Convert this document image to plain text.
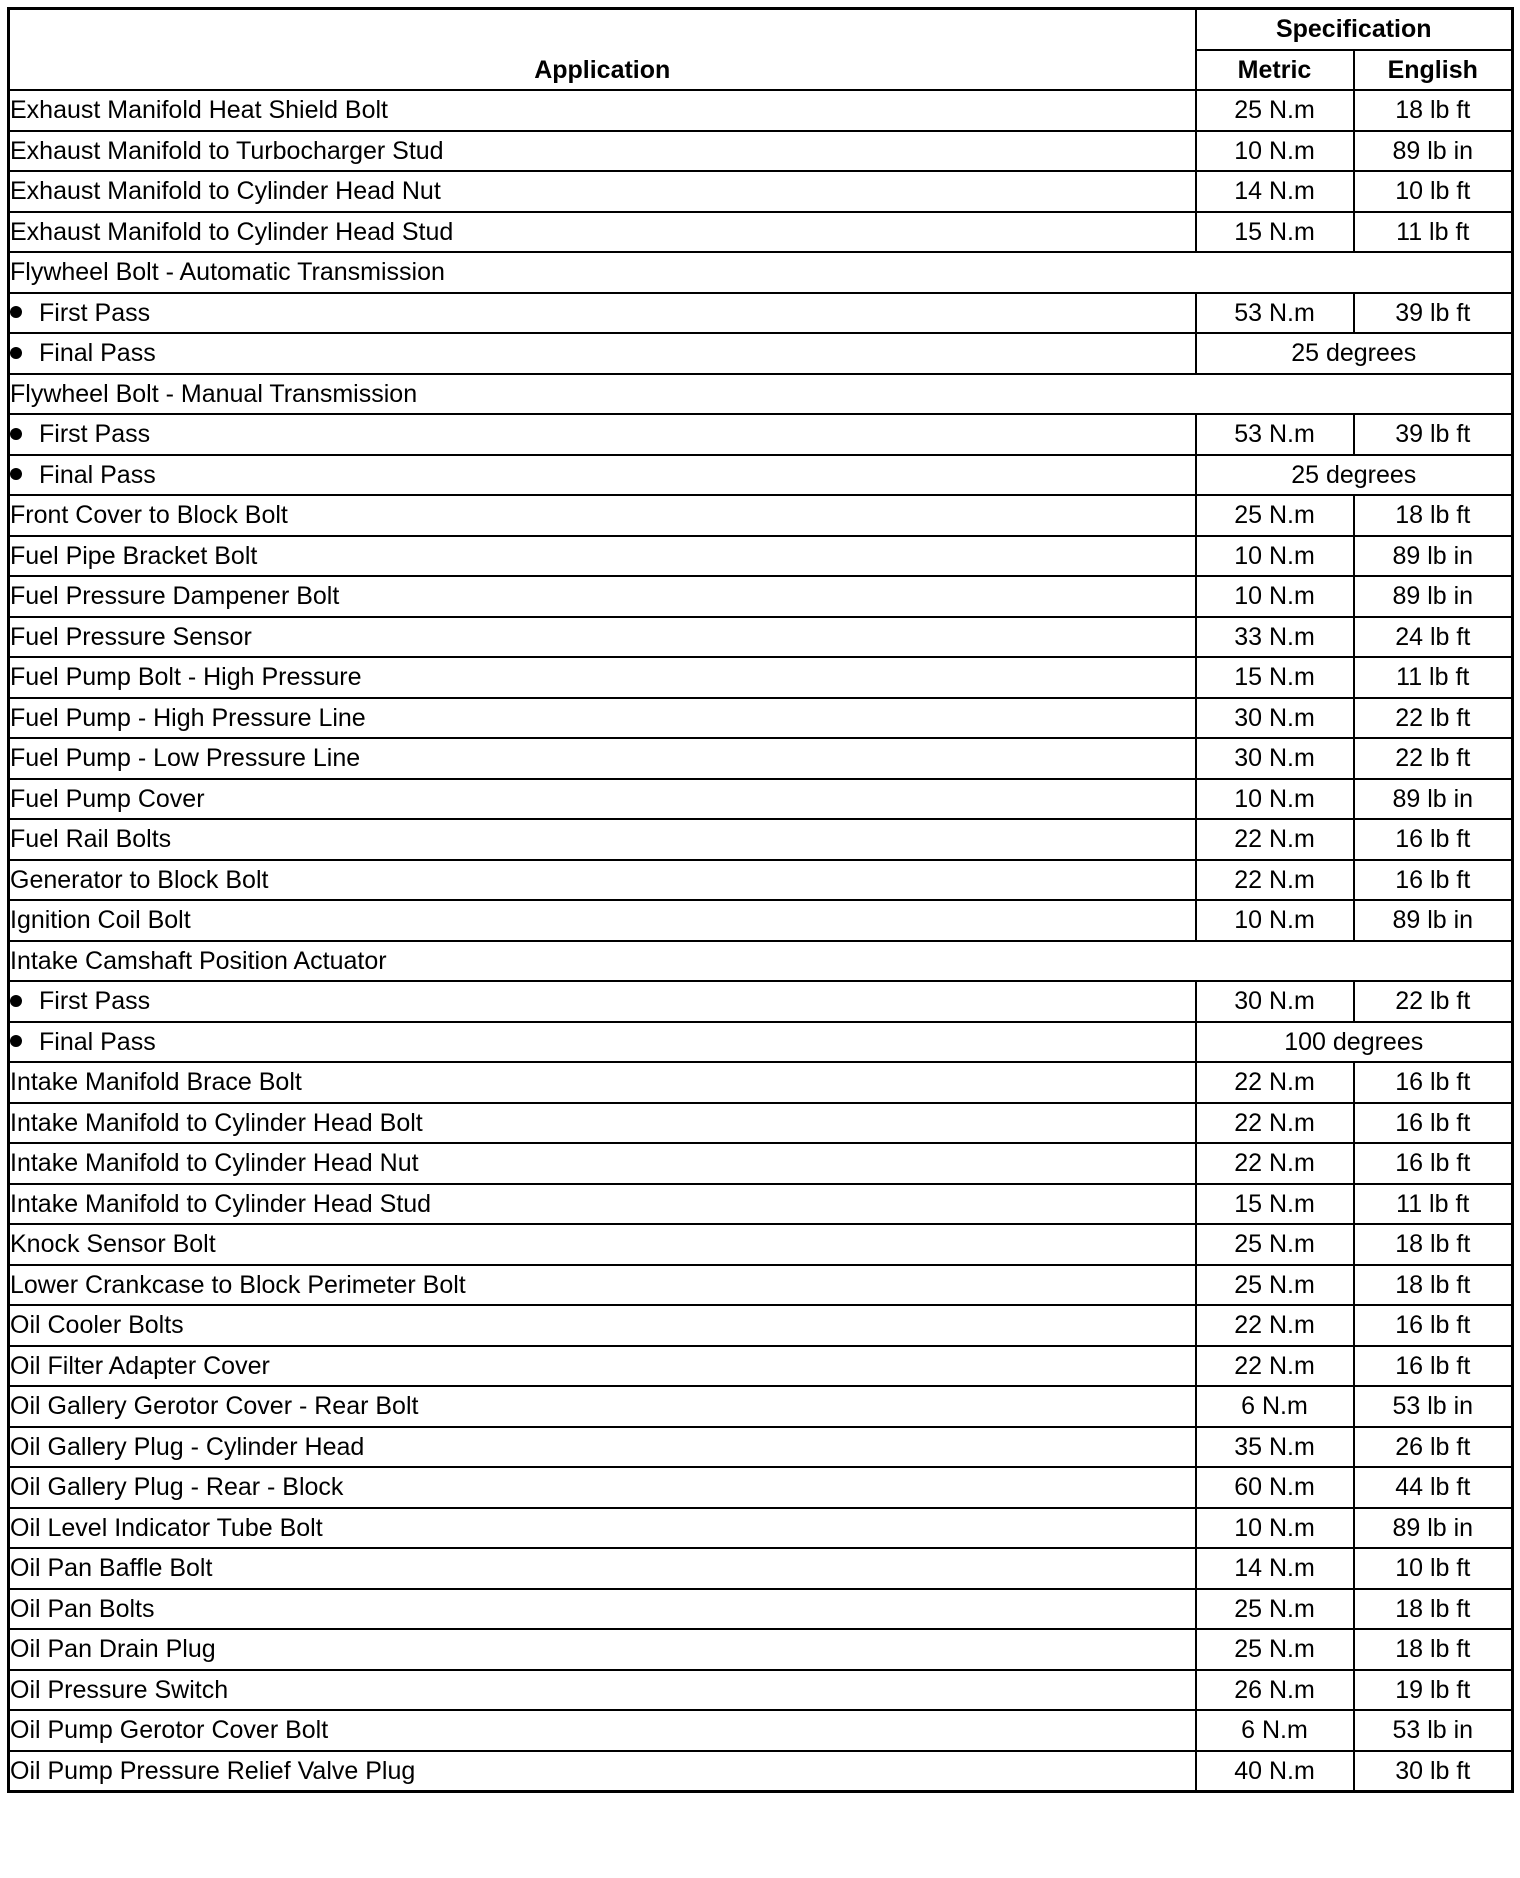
Application	Specification	
	Metric	English
Exhaust Manifold Heat Shield Bolt	25 N.m	18 lb ft
Exhaust Manifold to Turbocharger Stud	10 N.m	89 lb in
Exhaust Manifold to Cylinder Head Nut	14 N.m	10 lb ft
Exhaust Manifold to Cylinder Head Stud	15 N.m	11 lb ft
Flywheel Bolt - Automatic Transmission		
First Pass	53 N.m	39 lb ft
Final Pass	25 degrees	
Flywheel Bolt - Manual Transmission		
First Pass	53 N.m	39 lb ft
Final Pass	25 degrees	
Front Cover to Block Bolt	25 N.m	18 lb ft
Fuel Pipe Bracket Bolt	10 N.m	89 lb in
Fuel Pressure Dampener Bolt	10 N.m	89 lb in
Fuel Pressure Sensor	33 N.m	24 lb ft
Fuel Pump Bolt - High Pressure	15 N.m	11 lb ft
Fuel Pump - High Pressure Line	30 N.m	22 lb ft
Fuel Pump - Low Pressure Line	30 N.m	22 lb ft
Fuel Pump Cover	10 N.m	89 lb in
Fuel Rail Bolts	22 N.m	16 lb ft
Generator to Block Bolt	22 N.m	16 lb ft
Ignition Coil Bolt	10 N.m	89 lb in
Intake Camshaft Position Actuator		
First Pass	30 N.m	22 lb ft
Final Pass	100 degrees	
Intake Manifold Brace Bolt	22 N.m	16 lb ft
Intake Manifold to Cylinder Head Bolt	22 N.m	16 lb ft
Intake Manifold to Cylinder Head Nut	22 N.m	16 lb ft
Intake Manifold to Cylinder Head Stud	15 N.m	11 lb ft
Knock Sensor Bolt	25 N.m	18 lb ft
Lower Crankcase to Block Perimeter Bolt	25 N.m	18 lb ft
Oil Cooler Bolts	22 N.m	16 lb ft
Oil Filter Adapter Cover	22 N.m	16 lb ft
Oil Gallery Gerotor Cover - Rear Bolt	6 N.m	53 lb in
Oil Gallery Plug - Cylinder Head	35 N.m	26 lb ft
Oil Gallery Plug - Rear - Block	60 N.m	44 lb ft
Oil Level Indicator Tube Bolt	10 N.m	89 lb in
Oil Pan Baffle Bolt	14 N.m	10 lb ft
Oil Pan Bolts	25 N.m	18 lb ft
Oil Pan Drain Plug	25 N.m	18 lb ft
Oil Pressure Switch	26 N.m	19 lb ft
Oil Pump Gerotor Cover Bolt	6 N.m	53 lb in
Oil Pump Pressure Relief Valve Plug	40 N.m	30 lb ft
